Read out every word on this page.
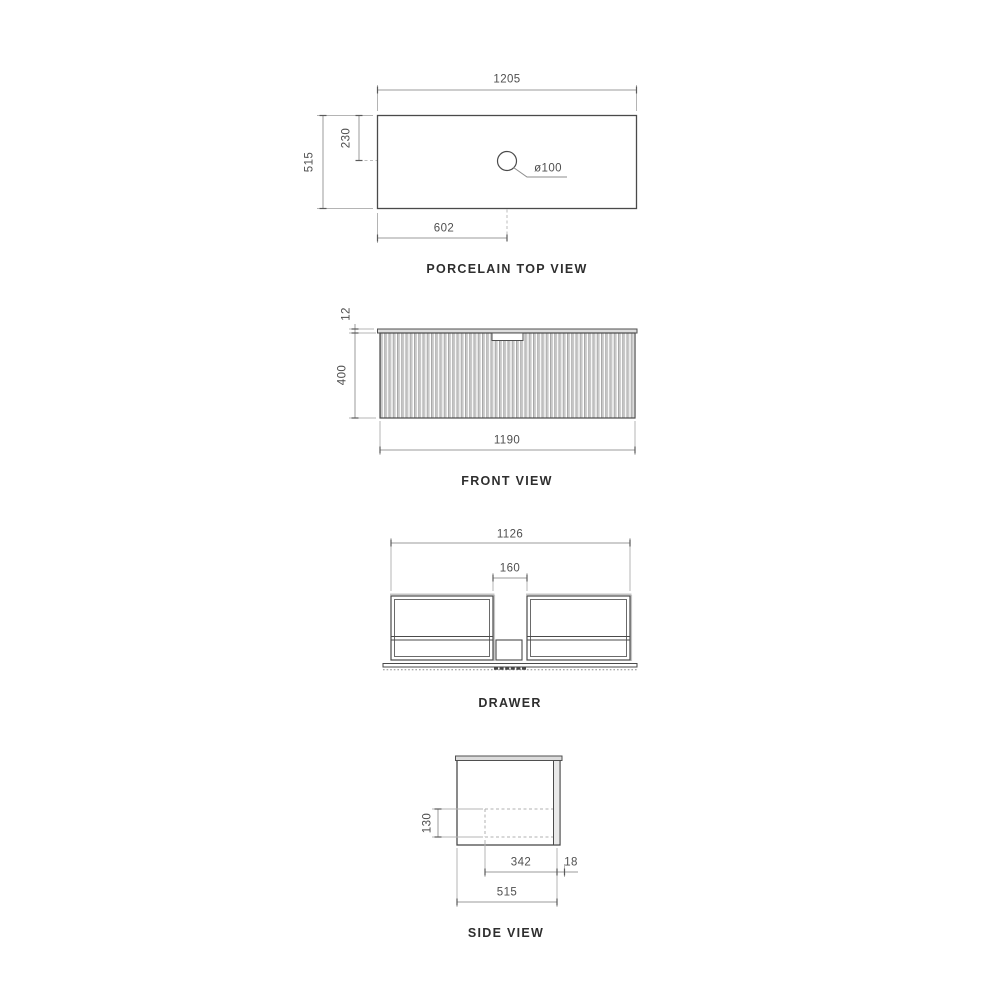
1205
515
230
ø100
602
PORCELAIN TOP VIEW
12
400
1190
FRONT VIEW
1126
160
DRAWER
130
342	18
515
SIDE VIEW
